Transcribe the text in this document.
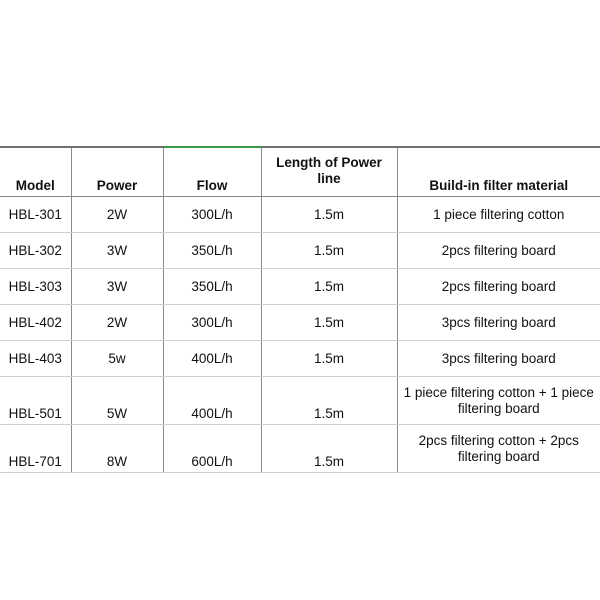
Model	Power	Flow	Length of Power line	Build-in filter material
HBL-301	2W	300L/h	1.5m	1 piece filtering cotton
HBL-302	3W	350L/h	1.5m	2pcs filtering board
HBL-303	3W	350L/h	1.5m	2pcs filtering board
HBL-402	2W	300L/h	1.5m	3pcs filtering board
HBL-403	5w	400L/h	1.5m	3pcs filtering board
HBL-501	5W	400L/h	1.5m	1 piece filtering cotton + 1 piece filtering board
HBL-701	8W	600L/h	1.5m	2pcs filtering cotton + 2pcs filtering board
